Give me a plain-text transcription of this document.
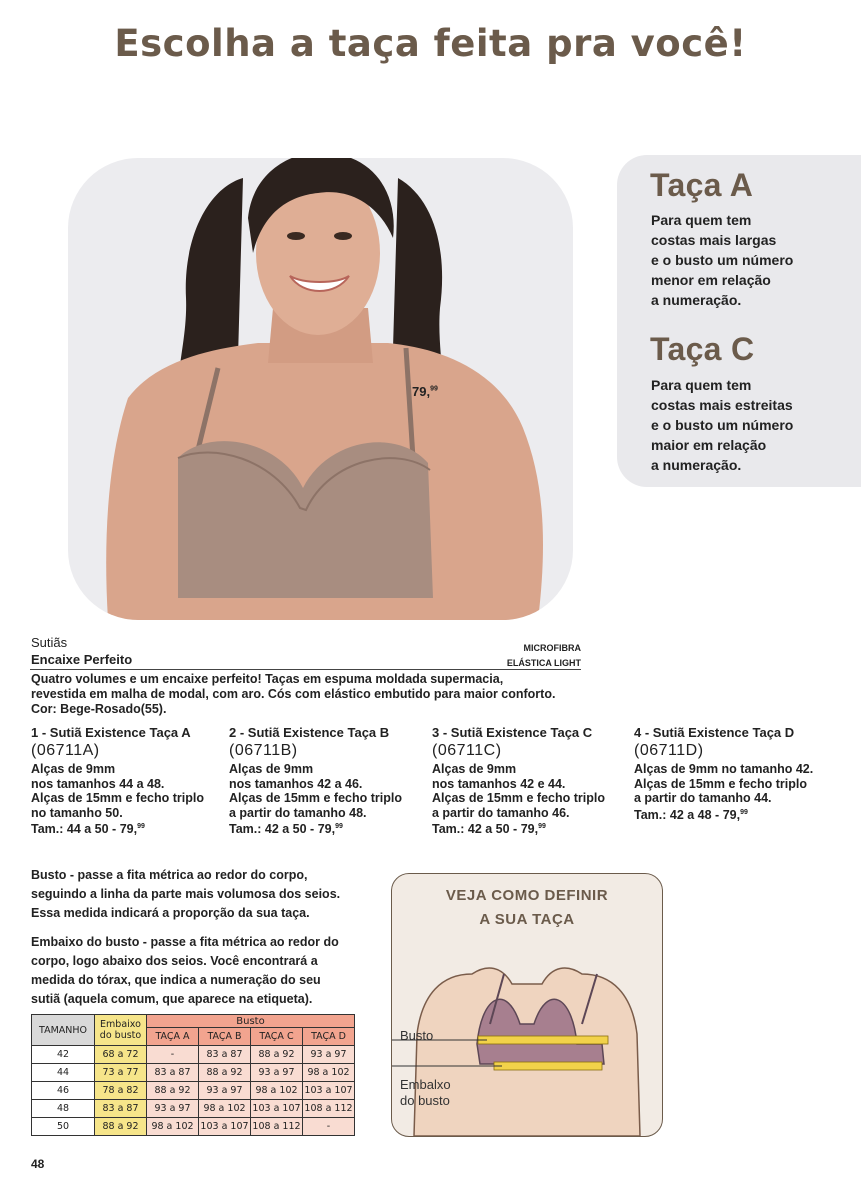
Escolha a taça feita pra você!
79,99
Taça A
Para quem tem
costas mais largas
e o busto um número
menor em relação
a numeração.
Taça C
Para quem tem
costas mais estreitas
e o busto um número
maior em relação
a numeração.
Sutiãs
Encaixe Perfeito
MICROFIBRA
ELÁSTICA LIGHT
Quatro volumes e um encaixe perfeito! Taças em espuma moldada supermacia,
revestida em malha de modal, com aro. Cós com elástico embutido para maior conforto.
Cor: Bege-Rosado(55).
1 - Sutiã Existence Taça A
(06711A)
Alças de 9mm
nos tamanhos 44 a 48.
Alças de 15mm e fecho triplo
no tamanho 50.
Tam.: 44 a 50 - 79,99
2 - Sutiã Existence Taça B
(06711B)
Alças de 9mm
nos tamanhos 42 a 46.
Alças de 15mm e fecho triplo
a partir do tamanho 48.
Tam.: 42 a 50 - 79,99
3 - Sutiã Existence Taça C
(06711C)
Alças de 9mm
nos tamanhos 42 e 44.
Alças de 15mm e fecho triplo
a partir do tamanho 46.
Tam.: 42 a 50 - 79,99
4 - Sutiã Existence Taça D
(06711D)
Alças de 9mm no tamanho 42.
Alças de 15mm e fecho triplo
a partir do tamanho 44.
Tam.: 42 a 48 - 79,99
Busto - passe a fita métrica ao redor do corpo,
seguindo a linha da parte mais volumosa dos seios.
Essa medida indicará a proporção da sua taça.
Embaixo do busto - passe a fita métrica ao redor do
corpo, logo abaixo dos seios. Você encontrará a
medida do tórax, que indica a numeração do seu
sutiã (aquela comum, que aparece na etiqueta).
TAMANHO	Embaixo
do busto	Busto			
		TAÇA A	TAÇA B	TAÇA C	TAÇA D
42	68 a 72	-	83 a 87	88 a 92	93 a 97
44	73 a 77	83 a 87	88 a 92	93 a 97	98 a 102
46	78 a 82	88 a 92	93 a 97	98 a 102	103 a 107
48	83 a 87	93 a 97	98 a 102	103 a 107	108 a 112
50	88 a 92	98 a 102	103 a 107	108 a 112	-
VEJA COMO DEFINIR
A SUA TAÇA
Busto
Embalxo
do busto
48
